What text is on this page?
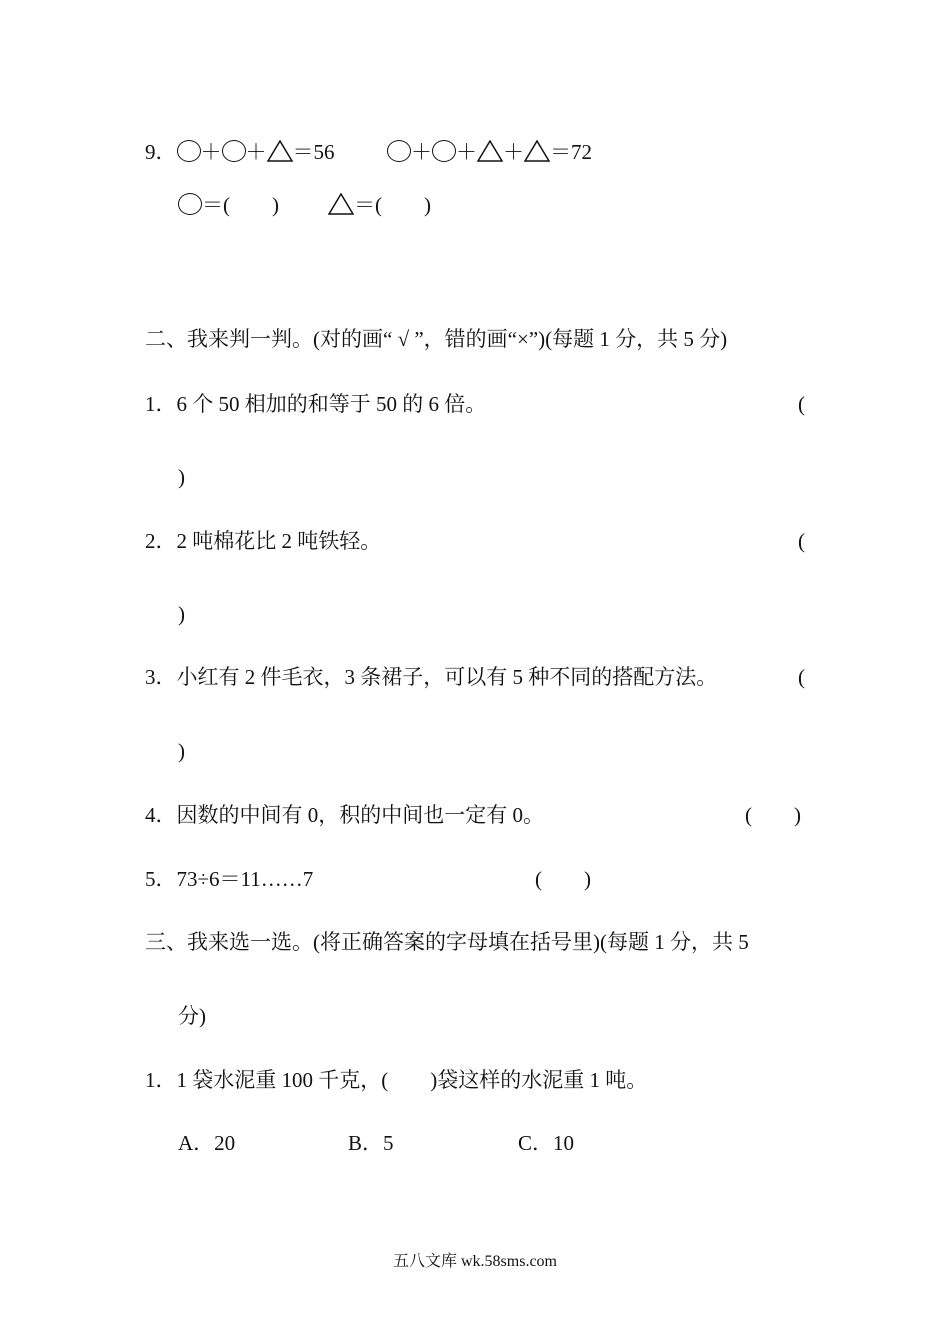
9． ＋ ＋ ＝56	＋ ＋ ＋ ＝72
＝(　　)	＝(　　)
二、我来判一判。(对的画“ √ ”，错的画“×”)(每题 1 分，共 5 分)
1．6 个 50 相加的和等于 50 的 6 倍。	(
)
2．2 吨棉花比 2 吨铁轻。	(
)
3．小红有 2 件毛衣，3 条裙子，可以有 5 种不同的搭配方法。	(
)
4．因数的中间有 0，积的中间也一定有 0。	(　　)
5．73÷6＝11……7	(　　)
三、我来选一选。(将正确答案的字母填在括号里)(每题 1 分，共 5
分)
1．1 袋水泥重 100 千克，(　　)袋这样的水泥重 1 吨。
A．20	B．5	C．10
五八文库 wk.58sms.com
